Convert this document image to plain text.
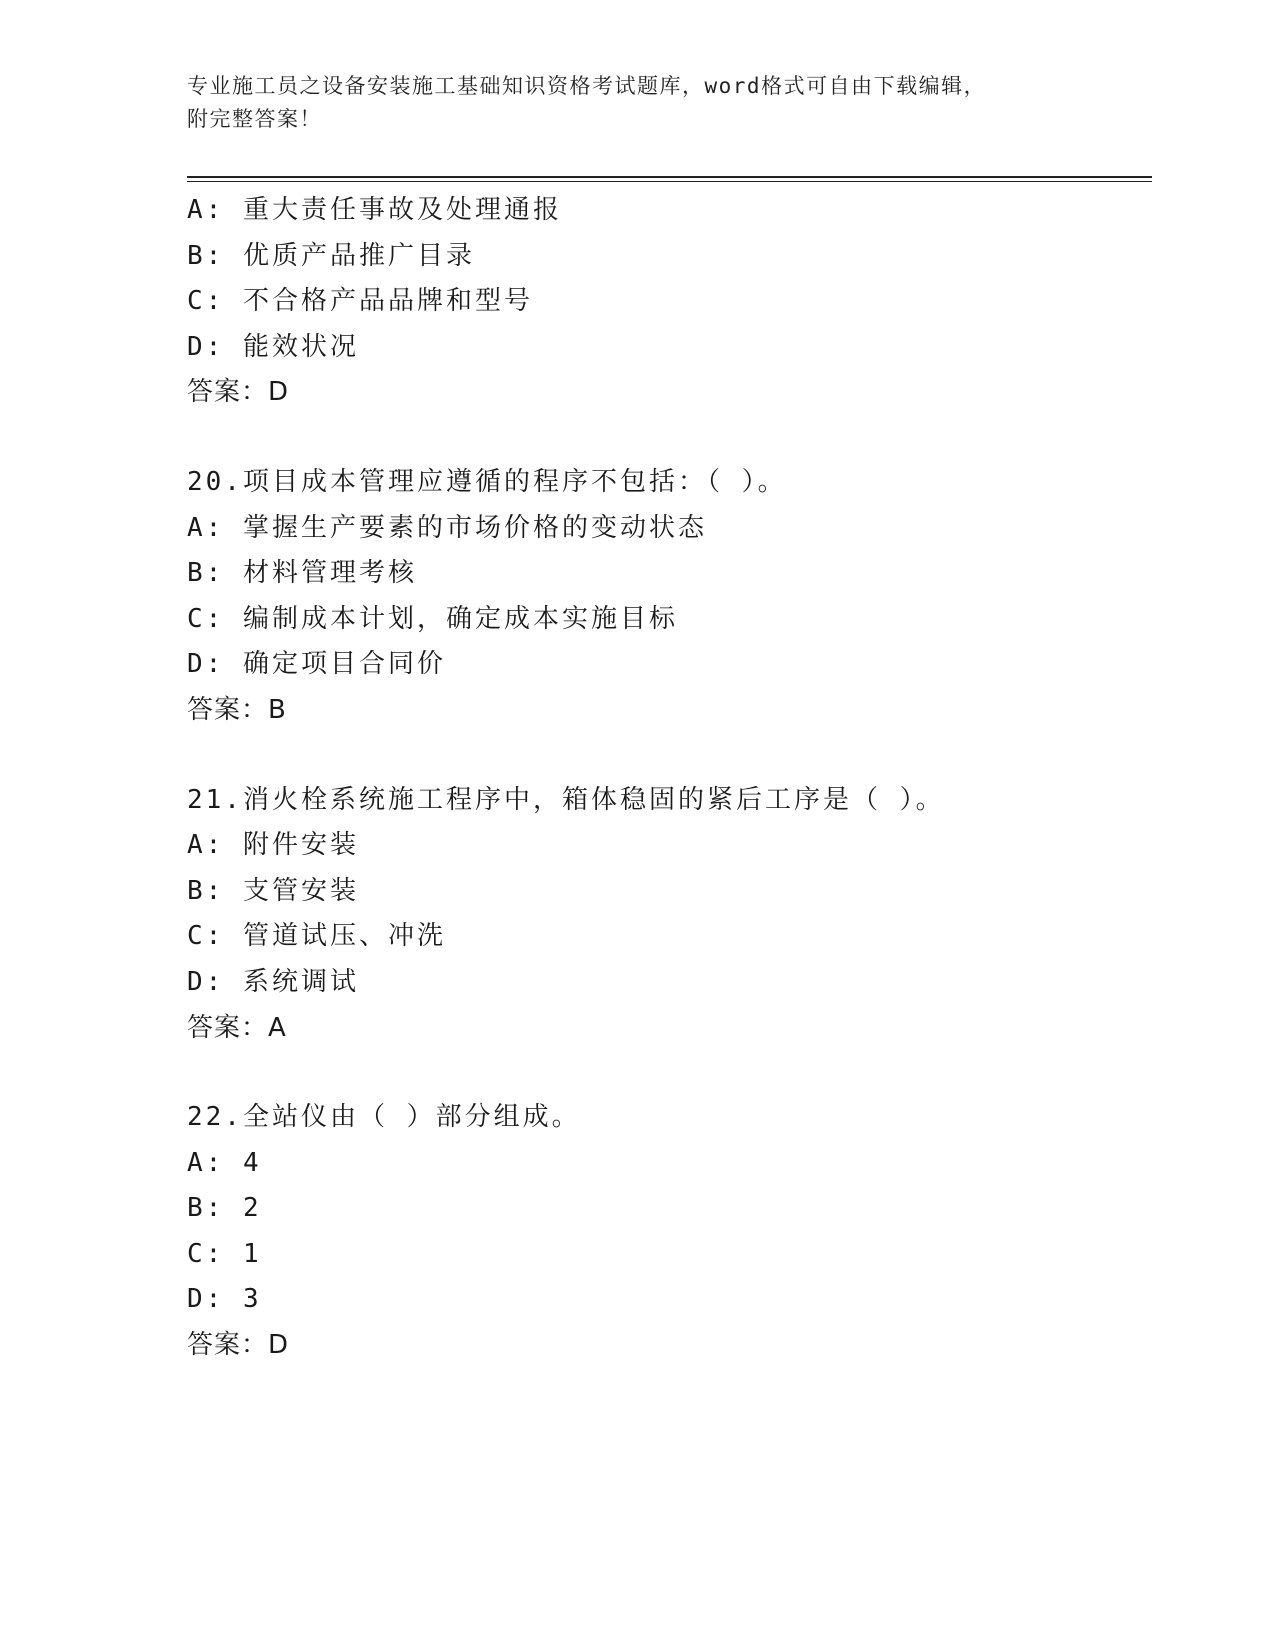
专业施工员之设备安装施工基础知识资格考试题库，word格式可自由下载编辑，
附完整答案！
A: 重大责任事故及处理通报
B: 优质产品推广目录
C: 不合格产品品牌和型号
D: 能效状况
答案：D
20.项目成本管理应遵循的程序不包括：（ ）。
A: 掌握生产要素的市场价格的变动状态
B: 材料管理考核
C: 编制成本计划，确定成本实施目标
D: 确定项目合同价
答案：B
21.消火栓系统施工程序中，箱体稳固的紧后工序是（ ）。
A: 附件安装
B: 支管安装
C: 管道试压、冲洗
D: 系统调试
答案：A
22.全站仪由（ ）部分组成。
A: 4
B: 2
C: 1
D: 3
答案：D
